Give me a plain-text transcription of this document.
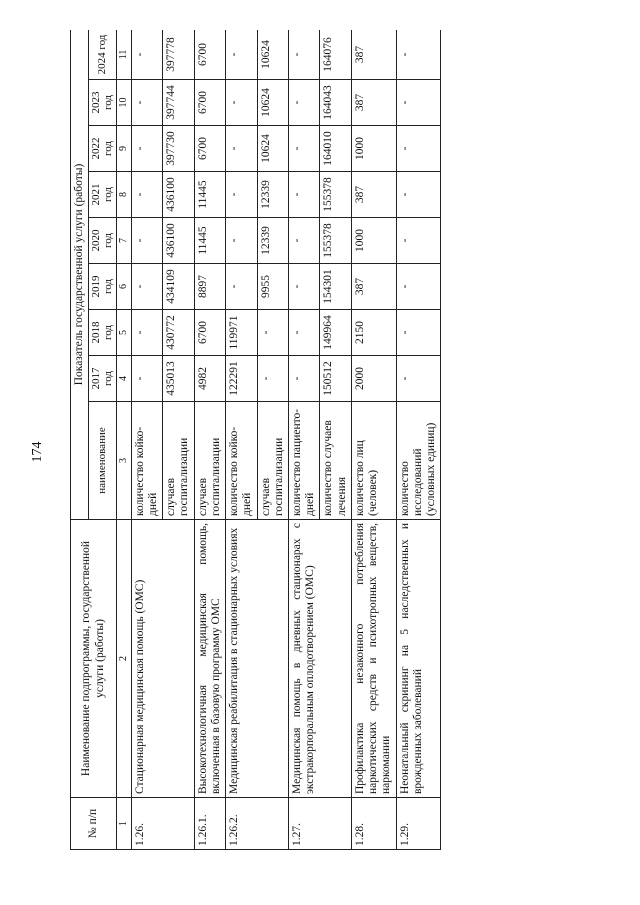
174
№ п/п	Наименование подпрограммы, государственной услуги (работы)	Показатель государственной услуги (работы)								
		наименование	2017 год	2018 год	2019 год	2020 год	2021 год	2022 год	2023 год	2024 год
1	2	3	4	5	6	7	8	9	10	11
1.26.	Стационарная медицинская помощь (ОМС)	количество койко-дней	-	-	-	-	-	-	-	-
		случаев госпитализации	435013	430772	434109	436100	436100	397730	397744	397778
1.26.1.	Высокотехнологичная медицинская помощь, включенная в базовую программу ОМС	случаев госпитализации	4982	6700	8897	11445	11445	6700	6700	6700
1.26.2.	Медицинская реабилитация в стационарных условиях	количество койко-дней	122291	119971	-	-	-	-	-	-
		случаев госпитализации	-	-	9955	12339	12339	10624	10624	10624
1.27.	Медицинская помощь в дневных стационарах с экстракорпоральным оплодотворением (ОМС)	количество пациенто-дней	-	-	-	-	-	-	-	-
		количество случаев лечения	150512	149964	154301	155378	155378	164010	164043	164076
1.28.	Профилактика незаконного потребления наркотических средств и психотропных веществ, наркомании	количество лиц (человек)	2000	2150	387	1000	387	1000	387	387
1.29.	Неонатальный скрининг на 5 наследственных и врожденных заболеваний	количество исследований (условных единиц)	-	-	-	-	-	-	-	-
